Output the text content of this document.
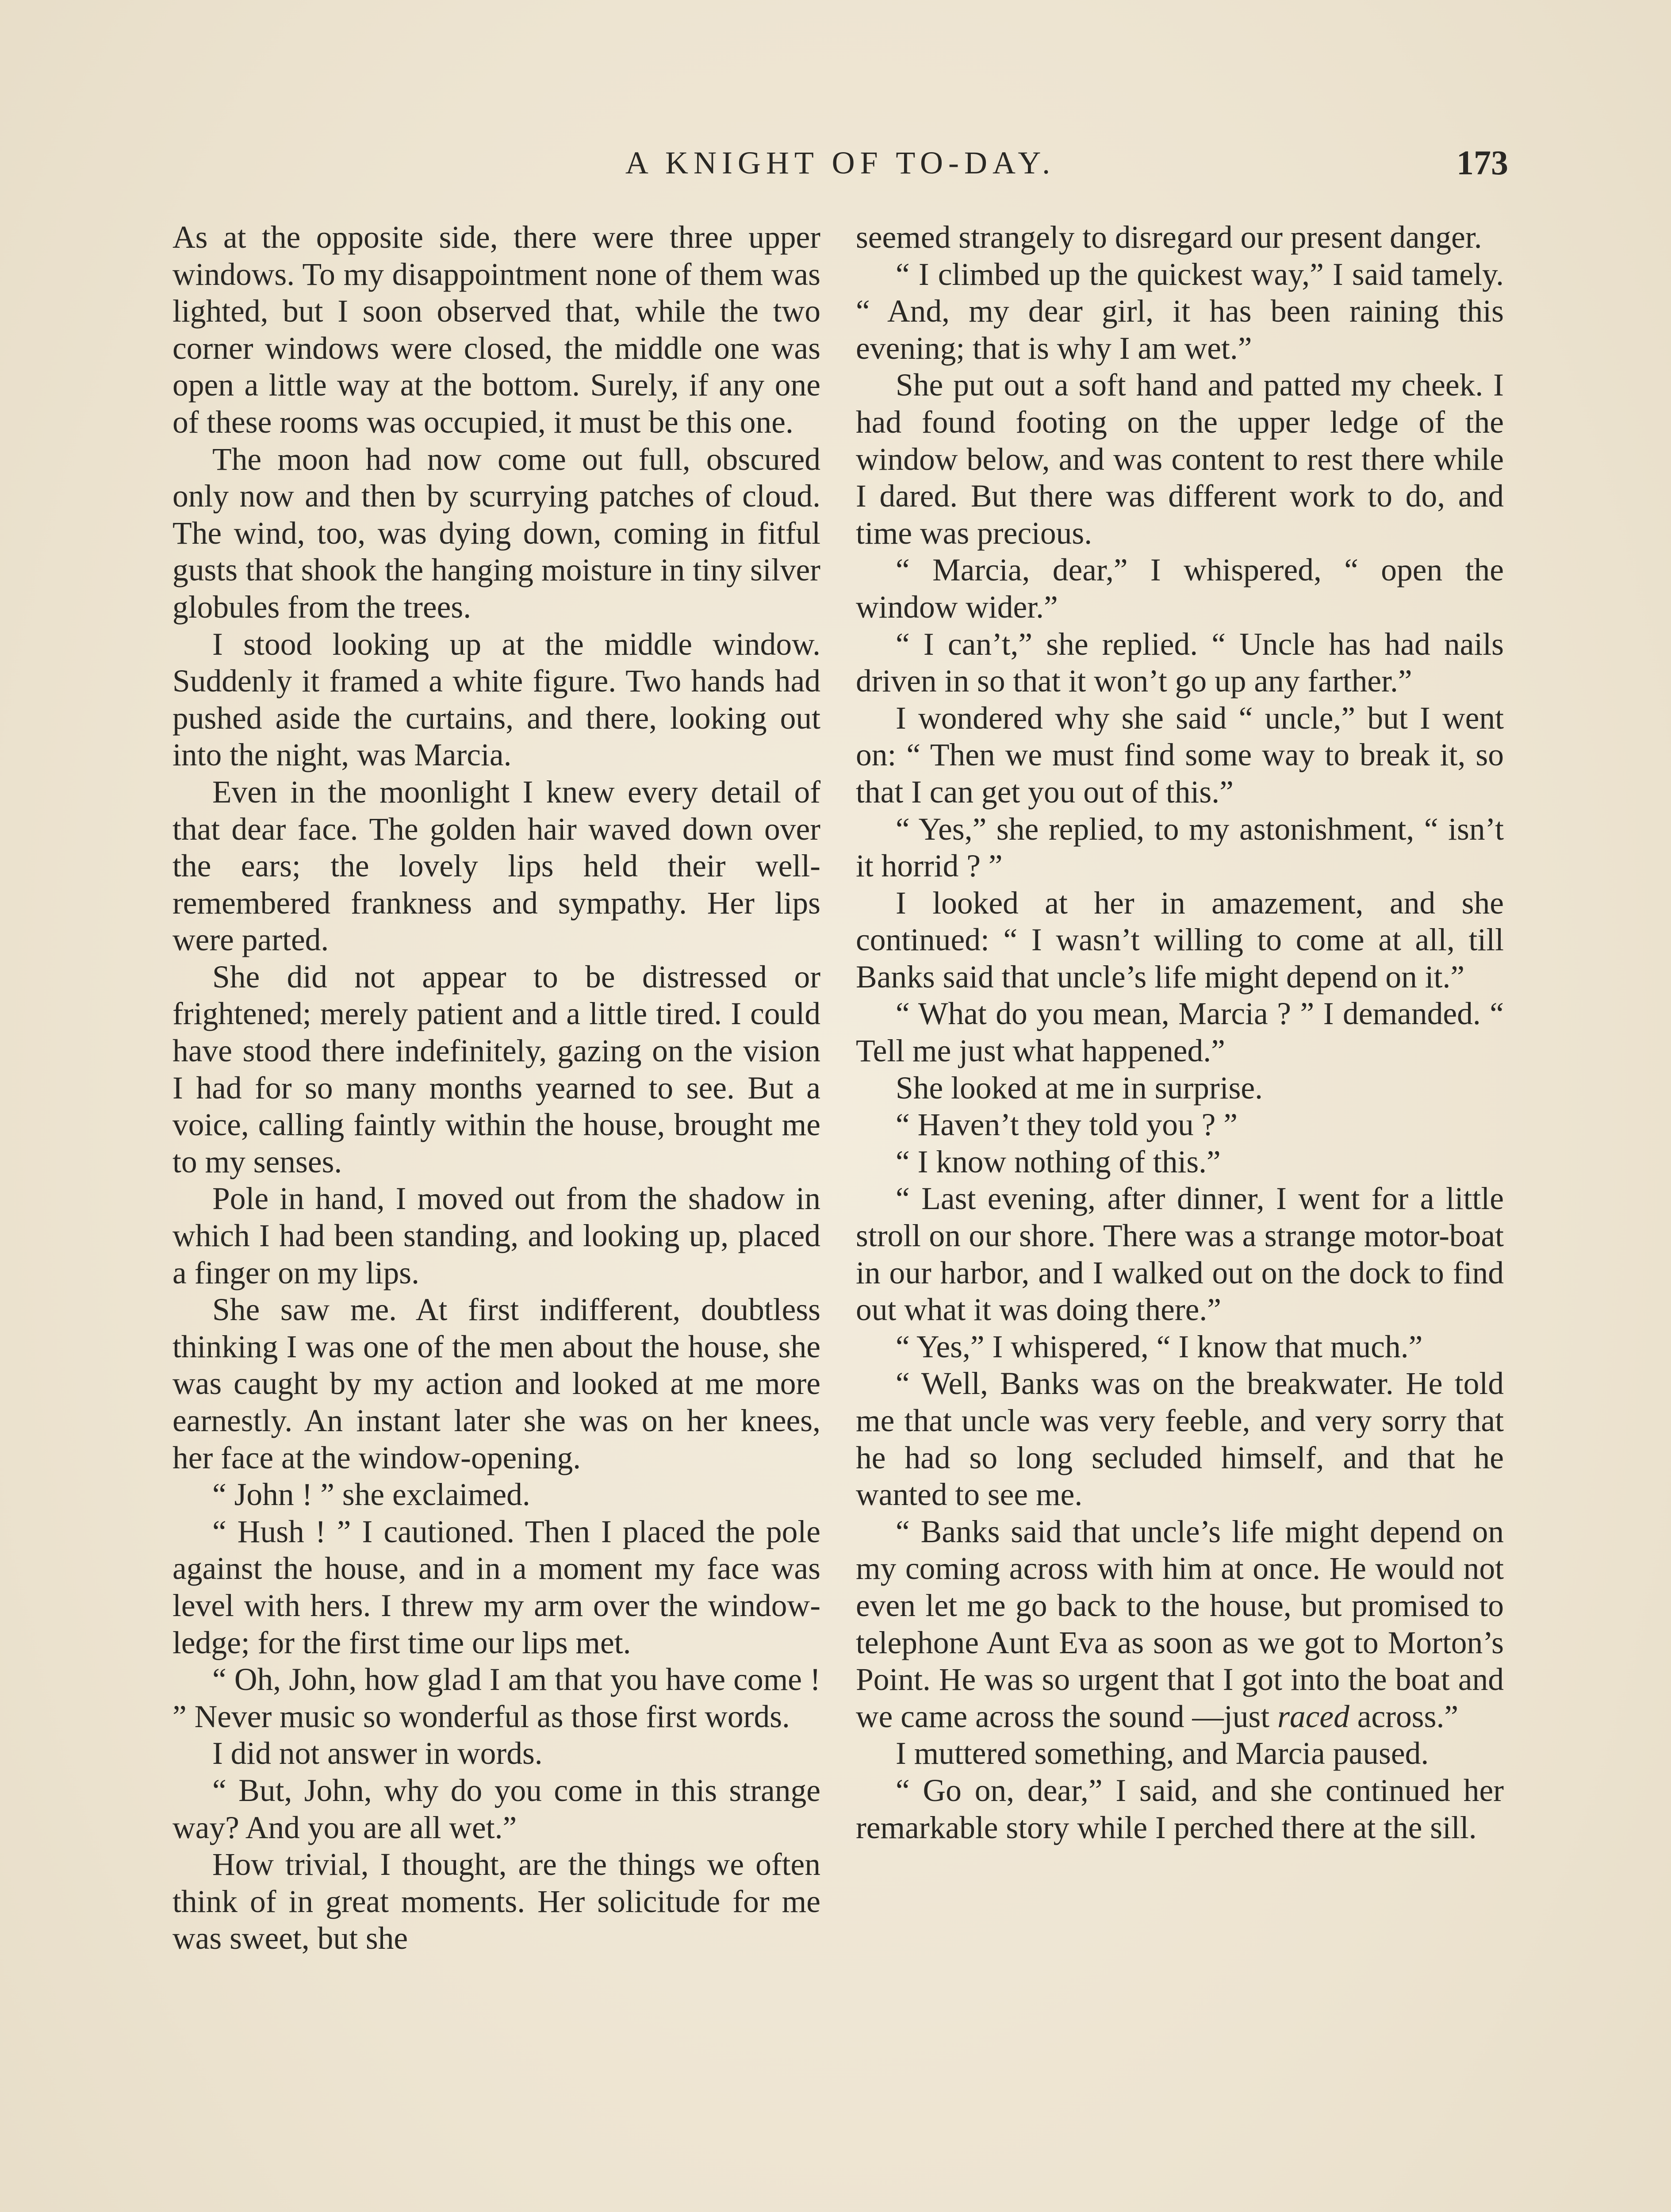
A KNIGHT OF TO-DAY.	173

As at the opposite side, there were three upper windows. To my disappointment none of them was lighted, but I soon observed that, while the two corner windows were closed, the middle one was open a little way at the bottom. Surely, if any one of these rooms was occupied, it must be this one.

The moon had now come out full, obscured only now and then by scurrying patches of cloud. The wind, too, was dying down, coming in fitful gusts that shook the hanging moisture in tiny silver globules from the trees.

I stood looking up at the middle window. Suddenly it framed a white figure. Two hands had pushed aside the curtains, and there, looking out into the night, was Marcia.

Even in the moonlight I knew every detail of that dear face. The golden hair waved down over the ears; the lovely lips held their well-remembered frankness and sympathy. Her lips were parted.

She did not appear to be distressed or frightened; merely patient and a little tired. I could have stood there indefinitely, gazing on the vision I had for so many months yearned to see. But a voice, calling faintly within the house, brought me to my senses.

Pole in hand, I moved out from the shadow in which I had been standing, and looking up, placed a finger on my lips.

She saw me. At first indifferent, doubtless thinking I was one of the men about the house, she was caught by my action and looked at me more earnestly. An instant later she was on her knees, her face at the window-opening.

“ John ! ” she exclaimed.

“ Hush ! ” I cautioned. Then I placed the pole against the house, and in a moment my face was level with hers. I threw my arm over the window-ledge; for the first time our lips met.

“ Oh, John, how glad I am that you have come ! ” Never music so wonderful as those first words.

I did not answer in words.

“ But, John, why do you come in this strange way? And you are all wet.”

How trivial, I thought, are the things we often think of in great moments. Her solicitude for me was sweet, but she

seemed strangely to disregard our present danger.

“ I climbed up the quickest way,” I said tamely. “ And, my dear girl, it has been raining this evening; that is why I am wet.”

She put out a soft hand and patted my cheek. I had found footing on the upper ledge of the window below, and was content to rest there while I dared. But there was different work to do, and time was precious.

“ Marcia, dear,” I whispered, “ open the window wider.”

“ I can’t,” she replied. “ Uncle has had nails driven in so that it won’t go up any farther.”

I wondered why she said “ uncle,” but I went on: “ Then we must find some way to break it, so that I can get you out of this.”

“ Yes,” she replied, to my astonishment, “ isn’t it horrid ? ”

I looked at her in amazement, and she continued: “ I wasn’t willing to come at all, till Banks said that uncle’s life might depend on it.”

“ What do you mean, Marcia ? ” I demanded. “ Tell me just what happened.”

She looked at me in surprise.

“ Haven’t they told you ? ”

“ I know nothing of this.”

“ Last evening, after dinner, I went for a little stroll on our shore. There was a strange motor-boat in our harbor, and I walked out on the dock to find out what it was doing there.”

“ Yes,” I whispered, “ I know that much.”

“ Well, Banks was on the breakwater. He told me that uncle was very feeble, and very sorry that he had so long secluded himself, and that he wanted to see me.

“ Banks said that uncle’s life might depend on my coming across with him at once. He would not even let me go back to the house, but promised to telephone Aunt Eva as soon as we got to Morton’s Point. He was so urgent that I got into the boat and we came across the sound —just raced across.”

I muttered something, and Marcia paused.

“ Go on, dear,” I said, and she continued her remarkable story while I perched there at the sill.
